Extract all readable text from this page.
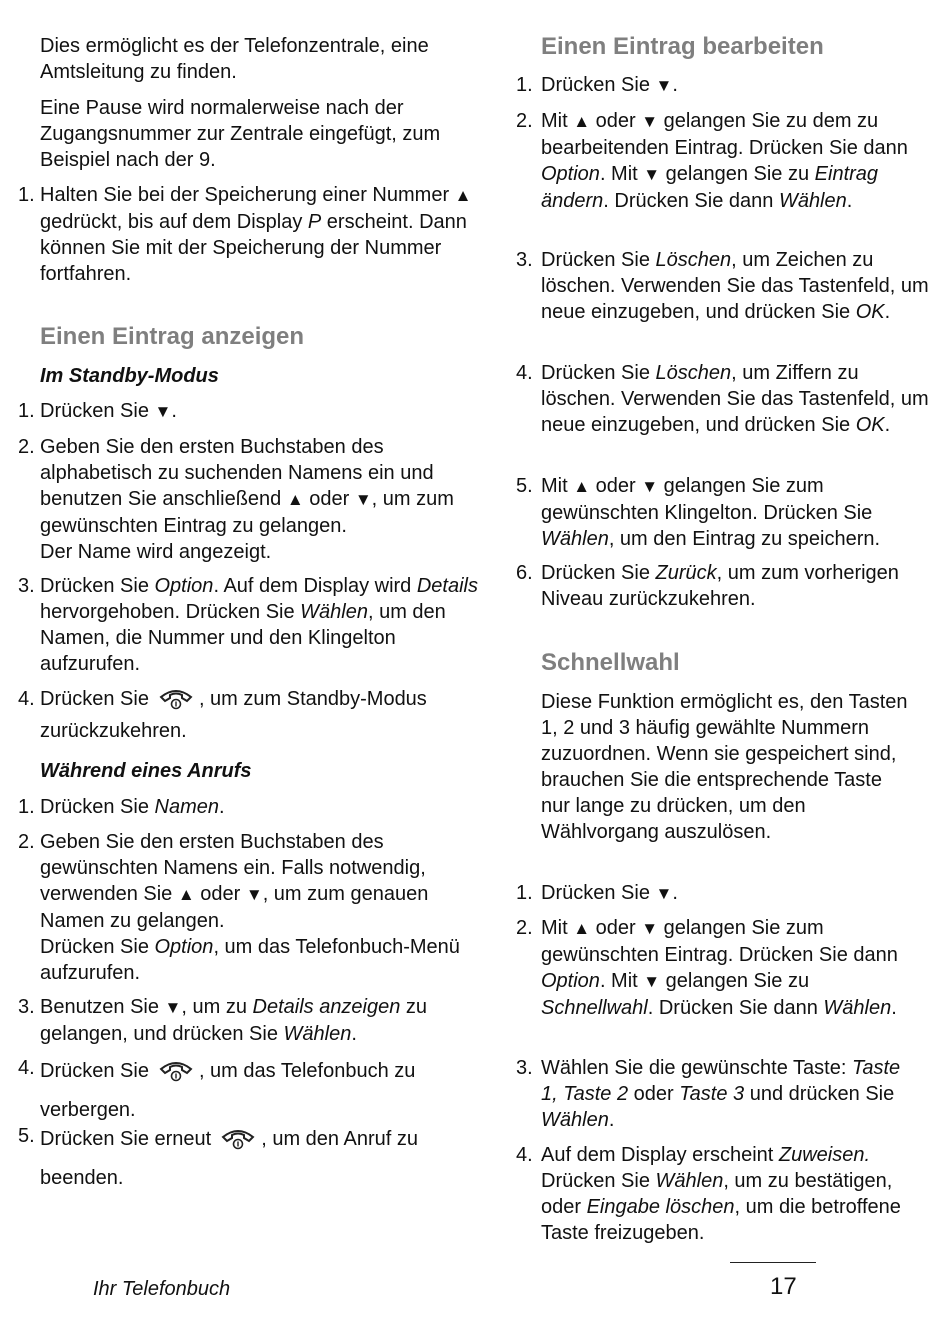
Dies ermöglicht es der Telefonzentrale, eine Amtsleitung zu finden.
Eine Pause wird normalerweise nach der Zugangsnummer zur Zentrale eingefügt, zum Beispiel nach der 9.
1. Halten Sie bei der Speicherung einer Nummer ▲ gedrückt, bis auf dem Display P erscheint. Dann können Sie mit der Speicherung der Nummer fortfahren.
Einen Eintrag anzeigen
Im Standby-Modus
1. Drücken Sie ▼.
2. Geben Sie den ersten Buchstaben des alphabetisch zu suchenden Namens ein und benutzen Sie anschließend ▲ oder ▼, um zum gewünschten Eintrag zu gelangen.
Der Name wird angezeigt.
3. Drücken Sie Option. Auf dem Display wird Details hervorgehoben. Drücken Sie Wählen, um den Namen, die Nummer und den Klingelton aufzurufen.
4. Drücken Sie	, um zum Standby-Modus zurückzukehren.
Während eines Anrufs
1. Drücken Sie Namen.
2. Geben Sie den ersten Buchstaben des gewünschten Namens ein. Falls notwendig, verwenden Sie ▲ oder ▼, um zum genauen Namen zu gelangen.
Drücken Sie Option, um das Telefonbuch-Menü aufzurufen.
3. Benutzen Sie ▼, um zu Details anzeigen zu gelangen, und drücken Sie Wählen.
4. Drücken Sie	, um das Telefonbuch zu
verbergen.
5. Drücken Sie erneut	, um den Anruf zu
beenden.
Einen Eintrag bearbeiten
1. Drücken Sie ▼.
2. Mit ▲ oder ▼ gelangen Sie zu dem zu bearbeitenden Eintrag. Drücken Sie dann Option. Mit ▼ gelangen Sie zu Eintrag ändern. Drücken Sie dann Wählen.
3. Drücken Sie Löschen, um Zeichen zu löschen. Verwenden Sie das Tastenfeld, um neue einzugeben, und drücken Sie OK.
4. Drücken Sie Löschen, um Ziffern zu löschen. Verwenden Sie das Tastenfeld, um neue einzugeben, und drücken Sie OK.
5. Mit ▲ oder ▼ gelangen Sie zum gewünschten Klingelton. Drücken Sie Wählen, um den Eintrag zu speichern.
6. Drücken Sie Zurück, um zum vorherigen Niveau zurückzukehren.
Schnellwahl
Diese Funktion ermöglicht es, den Tasten 1, 2 und 3 häufig gewählte Nummern zuzuordnen. Wenn sie gespeichert sind, brauchen Sie die entsprechende Taste nur lange zu drücken, um den Wählvorgang auszulösen.
1. Drücken Sie ▼.
2. Mit ▲ oder ▼ gelangen Sie zum gewünschten Eintrag. Drücken Sie dann Option. Mit ▼ gelangen Sie zu Schnellwahl. Drücken Sie dann Wählen.
3. Wählen Sie die gewünschte Taste: Taste 1, Taste 2 oder Taste 3 und drücken Sie Wählen.
4. Auf dem Display erscheint Zuweisen. Drücken Sie Wählen, um zu bestätigen, oder Eingabe löschen, um die betroffene Taste freizugeben.
Ihr Telefonbuch	17
